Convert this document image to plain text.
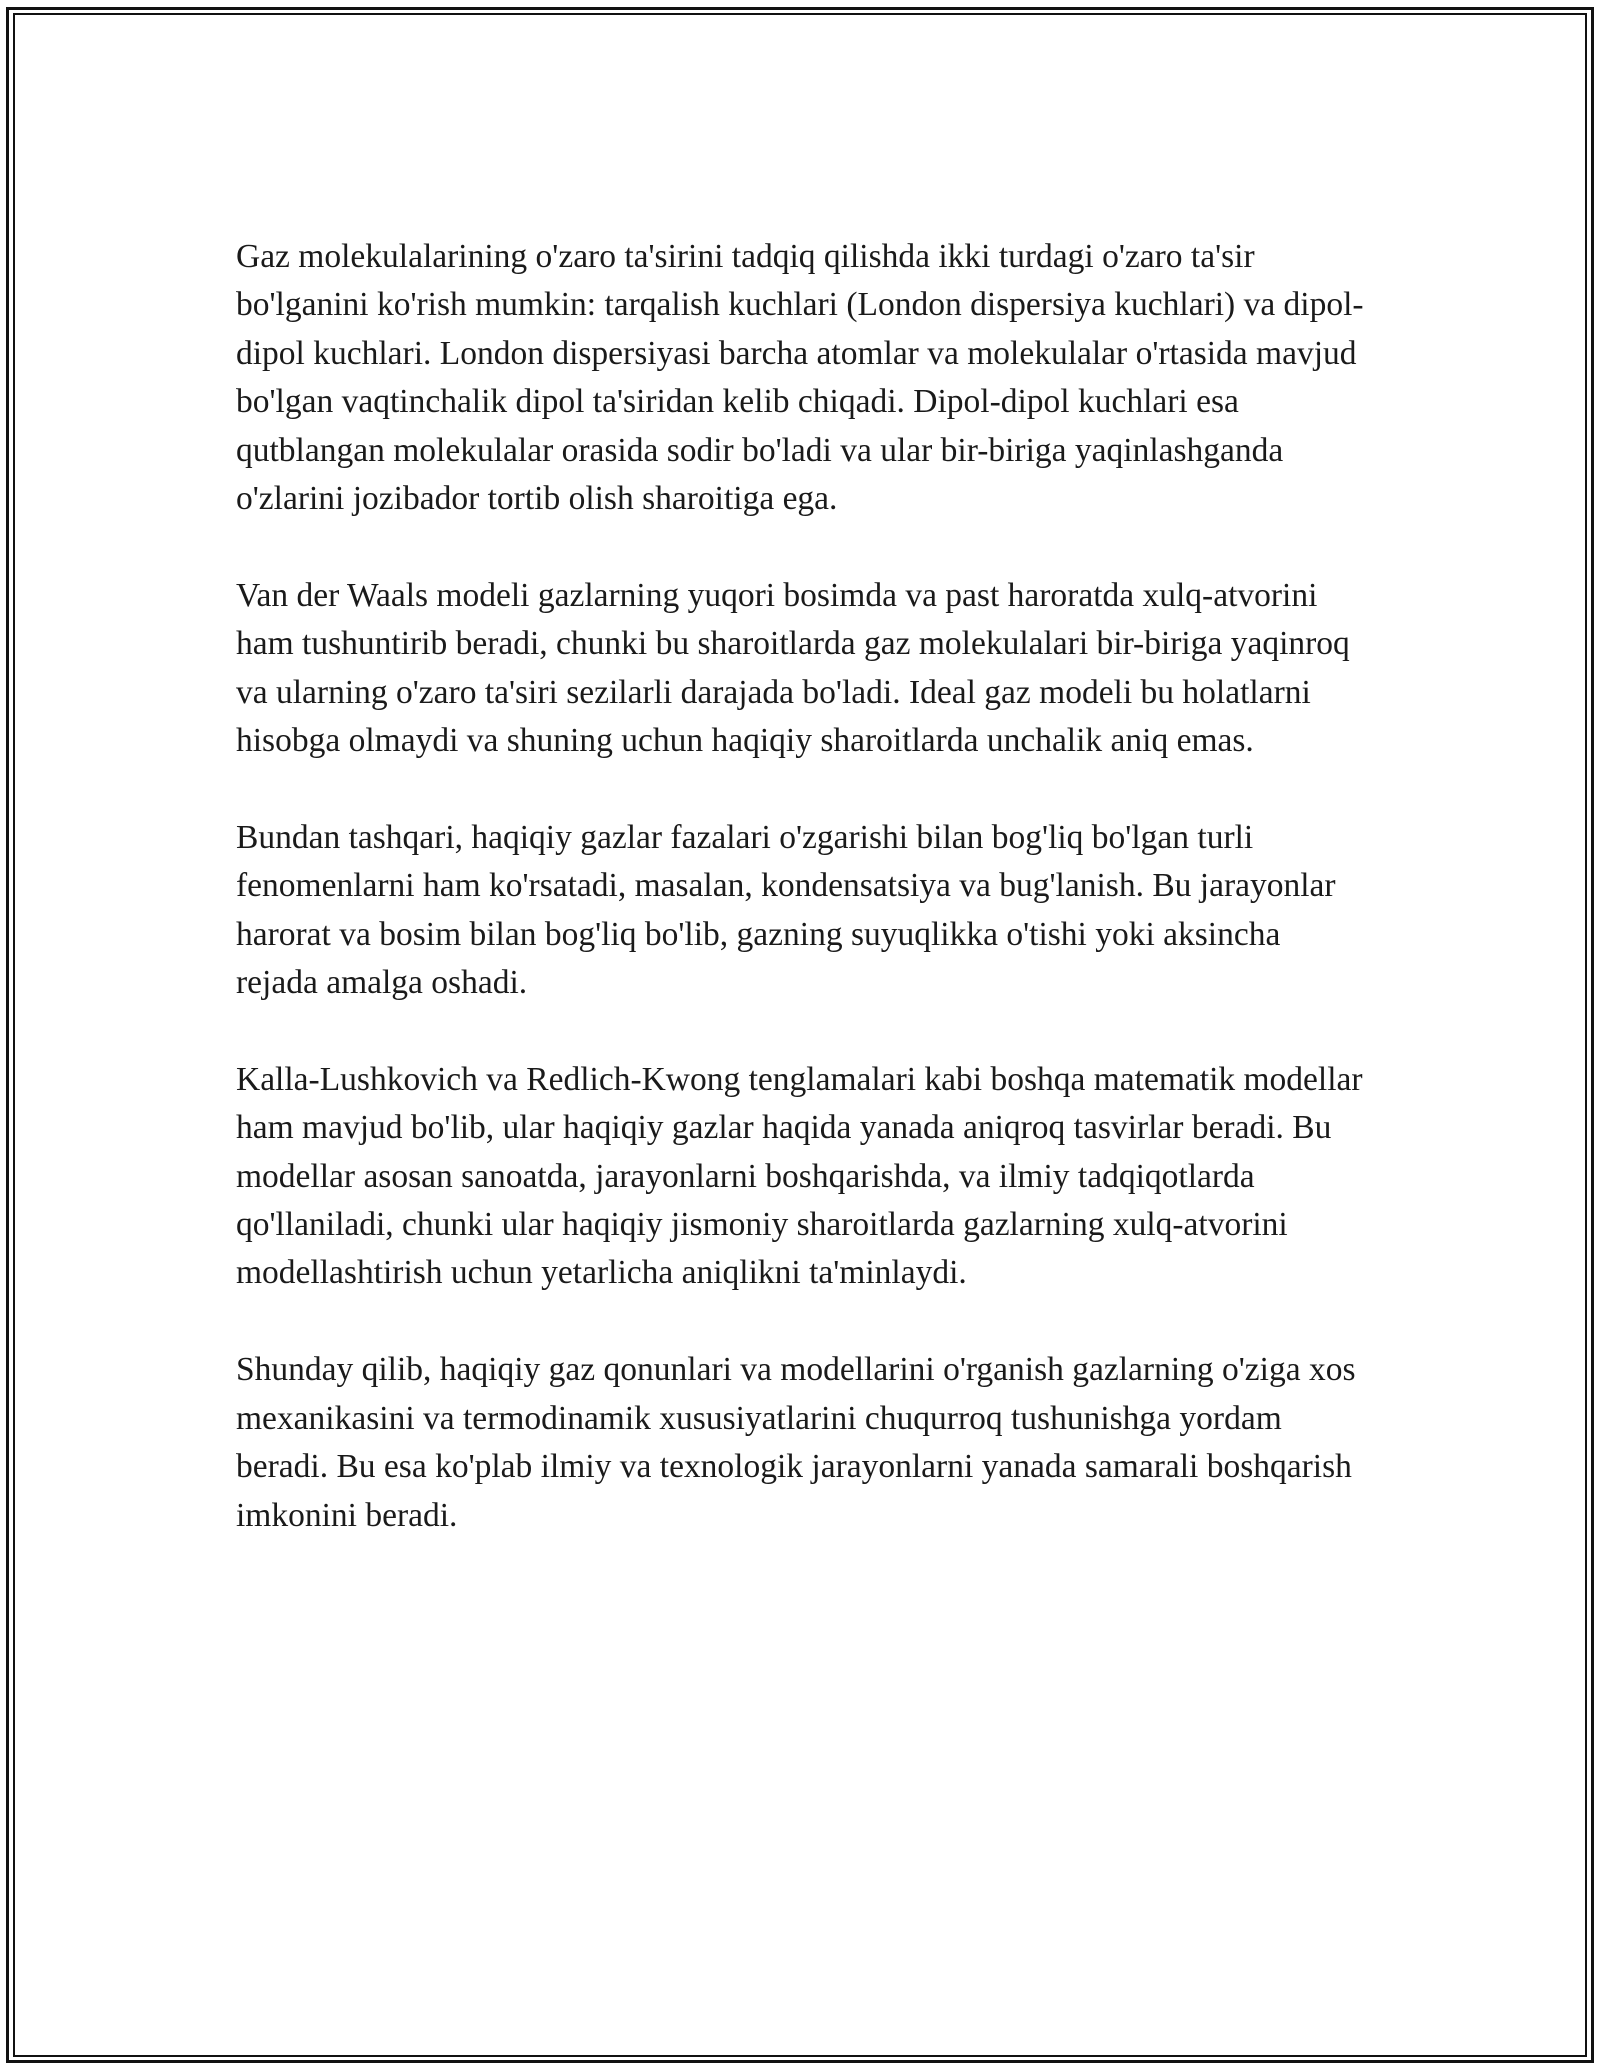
Gaz molekulalarining o'zaro ta'sirini tadqiq qilishda ikki turdagi o'zaro ta'sir bo'lganini ko'rish mumkin: tarqalish kuchlari (London dispersiya kuchlari) va dipol-dipol kuchlari. London dispersiyasi barcha atomlar va molekulalar o'rtasida mavjud bo'lgan vaqtinchalik dipol ta'siridan kelib chiqadi. Dipol-dipol kuchlari esa qutblangan molekulalar orasida sodir bo'ladi va ular bir-biriga yaqinlashganda o'zlarini jozibador tortib olish sharoitiga ega.

Van der Waals modeli gazlarning yuqori bosimda va past haroratda xulq-atvorini ham tushuntirib beradi, chunki bu sharoitlarda gaz molekulalari bir-biriga yaqinroq va ularning o'zaro ta'siri sezilarli darajada bo'ladi. Ideal gaz modeli bu holatlarni hisobga olmaydi va shuning uchun haqiqiy sharoitlarda unchalik aniq emas.

Bundan tashqari, haqiqiy gazlar fazalari o'zgarishi bilan bog'liq bo'lgan turli fenomenlarni ham ko'rsatadi, masalan, kondensatsiya va bug'lanish. Bu jarayonlar harorat va bosim bilan bog'liq bo'lib, gazning suyuqlikka o'tishi yoki aksincha rejada amalga oshadi.

Kalla-Lushkovich va Redlich-Kwong tenglamalari kabi boshqa matematik modellar ham mavjud bo'lib, ular haqiqiy gazlar haqida yanada aniqroq tasvirlar beradi. Bu modellar asosan sanoatda, jarayonlarni boshqarishda, va ilmiy tadqiqotlarda qo'llaniladi, chunki ular haqiqiy jismoniy sharoitlarda gazlarning xulq-atvorini modellashtirish uchun yetarlicha aniqlikni ta'minlaydi.

Shunday qilib, haqiqiy gaz qonunlari va modellarini o'rganish gazlarning o'ziga xos mexanikasini va termodinamik xususiyatlarini chuqurroq tushunishga yordam beradi. Bu esa ko'plab ilmiy va texnologik jarayonlarni yanada samarali boshqarish imkonini beradi.
